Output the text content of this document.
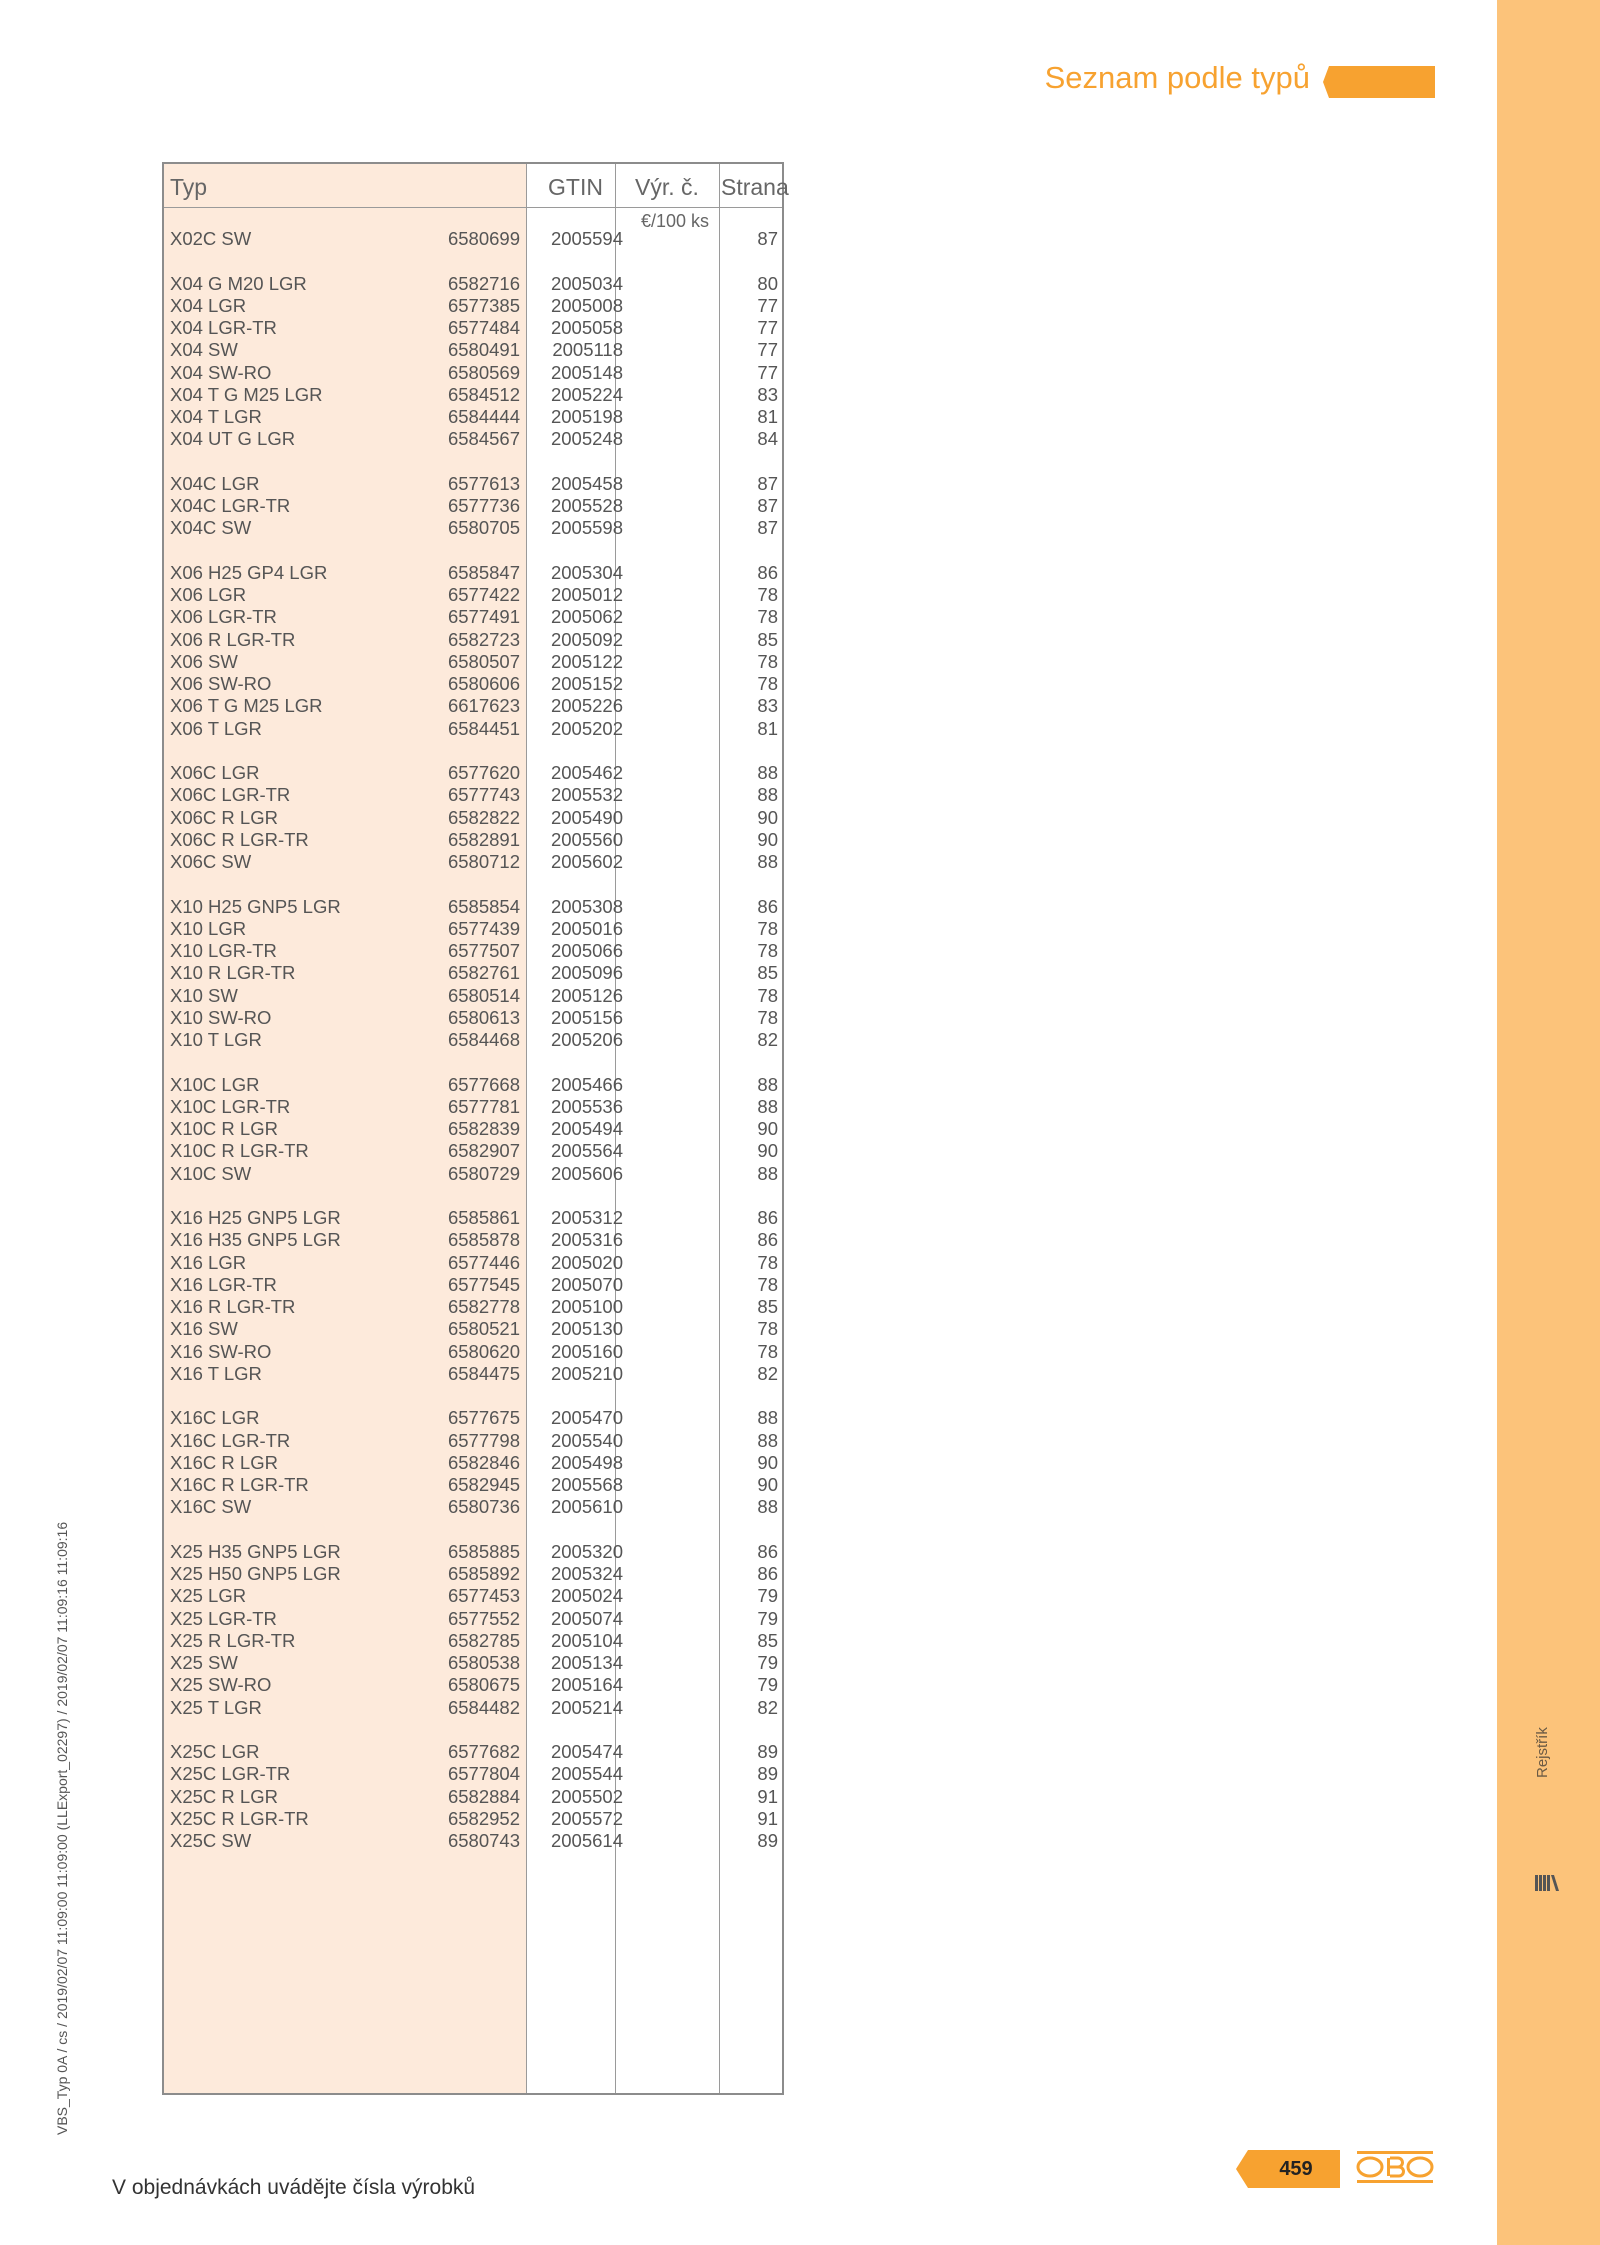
Rejstřík
Seznam podle typů
VBS_Typ 0A / cs / 2019/02/07 11:09:00 11:09:00 (LLExport_02297) / 2019/02/07 11:09:16 11:09:16
Typ	GTIN	Výr. č. Strana
€/100 ks
X02C SW	6580699 2005594	87
X04 G M20 LGR	6582716 2005034	80
X04 LGR	6577385 2005008	77
X04 LGR-TR	6577484 2005058	77
X04 SW	6580491 2005118	77
X04 SW-RO	6580569 2005148	77
X04 T G M25 LGR	6584512 2005224	83
X04 T LGR	6584444 2005198	81
X04 UT G LGR	6584567 2005248	84
X04C LGR	6577613 2005458	87
X04C LGR-TR	6577736 2005528	87
X04C SW	6580705 2005598	87
X06 H25 GP4 LGR	6585847 2005304	86
X06 LGR	6577422 2005012	78
X06 LGR-TR	6577491 2005062	78
X06 R LGR-TR	6582723 2005092	85
X06 SW	6580507 2005122	78
X06 SW-RO	6580606 2005152	78
X06 T G M25 LGR	6617623 2005226	83
X06 T LGR	6584451 2005202	81
X06C LGR	6577620 2005462	88
X06C LGR-TR	6577743 2005532	88
X06C R LGR	6582822 2005490	90
X06C R LGR-TR	6582891 2005560	90
X06C SW	6580712 2005602	88
X10 H25 GNP5 LGR	6585854 2005308	86
X10 LGR	6577439 2005016	78
X10 LGR-TR	6577507 2005066	78
X10 R LGR-TR	6582761 2005096	85
X10 SW	6580514 2005126	78
X10 SW-RO	6580613 2005156	78
X10 T LGR	6584468 2005206	82
X10C LGR	6577668 2005466	88
X10C LGR-TR	6577781 2005536	88
X10C R LGR	6582839 2005494	90
X10C R LGR-TR	6582907 2005564	90
X10C SW	6580729 2005606	88
X16 H25 GNP5 LGR	6585861 2005312	86
X16 H35 GNP5 LGR	6585878 2005316	86
X16 LGR	6577446 2005020	78
X16 LGR-TR	6577545 2005070	78
X16 R LGR-TR	6582778 2005100	85
X16 SW	6580521 2005130	78
X16 SW-RO	6580620 2005160	78
X16 T LGR	6584475 2005210	82
X16C LGR	6577675 2005470	88
X16C LGR-TR	6577798 2005540	88
X16C R LGR	6582846 2005498	90
X16C R LGR-TR	6582945 2005568	90
X16C SW	6580736 2005610	88
X25 H35 GNP5 LGR	6585885 2005320	86
X25 H50 GNP5 LGR	6585892 2005324	86
X25 LGR	6577453 2005024	79
X25 LGR-TR	6577552 2005074	79
X25 R LGR-TR	6582785 2005104	85
X25 SW	6580538 2005134	79
X25 SW-RO	6580675 2005164	79
X25 T LGR	6584482 2005214	82
X25C LGR	6577682 2005474	89
X25C LGR-TR	6577804 2005544	89
X25C R LGR	6582884 2005502	91
X25C R LGR-TR	6582952 2005572	91
X25C SW	6580743 2005614	89
V objednávkách uvádějte čísla výrobků
459
